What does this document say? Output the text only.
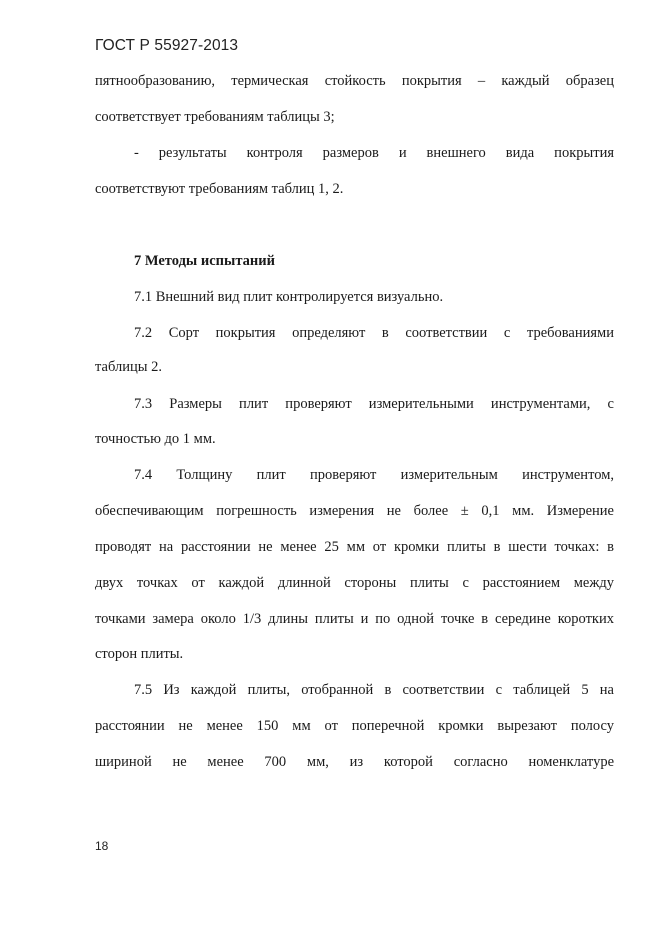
ГОСТ Р 55927-2013
пятнообразованию, термическая стойкость покрытия – каждый образец
соответствует требованиям таблицы 3;
- результаты контроля размеров и внешнего вида покрытия
соответствуют требованиям таблиц 1, 2.
7 Методы испытаний
7.1 Внешний вид плит контролируется визуально.
7.2 Сорт покрытия определяют в соответствии с требованиями
таблицы 2.
7.3 Размеры плит проверяют измерительными инструментами, с
точностью до 1 мм.
7.4 Толщину плит проверяют измерительным инструментом,
обеспечивающим погрешность измерения не более ± 0,1 мм. Измерение
проводят на расстоянии не менее 25 мм от кромки плиты в шести точках: в
двух точках от каждой длинной стороны плиты с расстоянием между
точками замера около 1/3 длины плиты и по одной точке в середине коротких
сторон плиты.
7.5 Из каждой плиты, отобранной в соответствии с таблицей 5 на
расстоянии не менее 150 мм от поперечной кромки вырезают полосу
шириной не менее 700 мм, из которой согласно номенклатуре
18
